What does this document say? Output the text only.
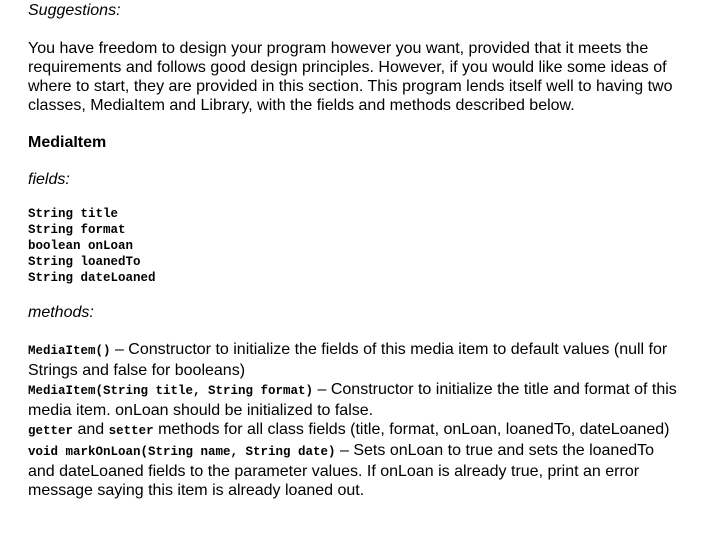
Suggestions:

You have freedom to design your program however you want, provided that it meets the requirements and follows good design principles. However, if you would like some ideas of where to start, they are provided in this section. This program lends itself well to having two classes, MediaItem and Library, with the fields and methods described below.

MediaItem

fields:

String title
String format
boolean onLoan
String loanedTo
String dateLoaned

methods:

MediaItem() – Constructor to initialize the fields of this media item to default values (null for Strings and false for booleans)

MediaItem(String title, String format) – Constructor to initialize the title and format of this media item. onLoan should be initialized to false.

getter and setter methods for all class fields (title, format, onLoan, loanedTo, dateLoaned)

void markOnLoan(String name, String date) – Sets onLoan to true and sets the loanedTo and dateLoaned fields to the parameter values. If onLoan is already true, print an error message saying this item is already loaned out.
